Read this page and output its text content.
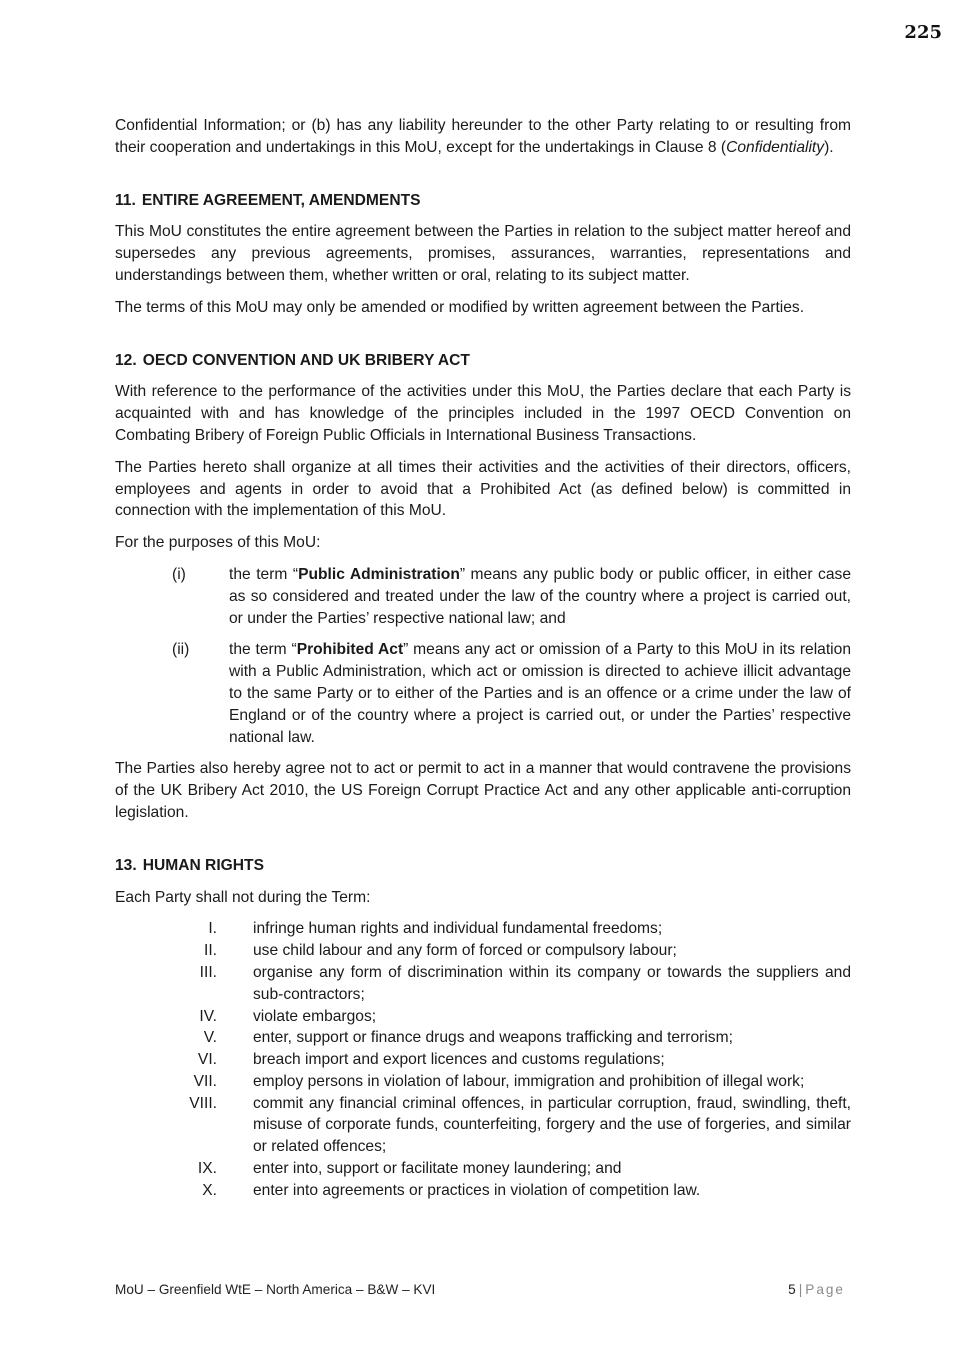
225

Confidential Information; or (b) has any liability hereunder to the other Party relating to or resulting from their cooperation and undertakings in this MoU, except for the undertakings in Clause 8 (Confidentiality).

11. ENTIRE AGREEMENT, AMENDMENTS

This MoU constitutes the entire agreement between the Parties in relation to the subject matter hereof and supersedes any previous agreements, promises, assurances, warranties, representations and understandings between them, whether written or oral, relating to its subject matter.

The terms of this MoU may only be amended or modified by written agreement between the Parties.

12. OECD CONVENTION AND UK BRIBERY ACT

With reference to the performance of the activities under this MoU, the Parties declare that each Party is acquainted with and has knowledge of the principles included in the 1997 OECD Convention on Combating Bribery of Foreign Public Officials in International Business Transactions.

The Parties hereto shall organize at all times their activities and the activities of their directors, officers, employees and agents in order to avoid that a Prohibited Act (as defined below) is committed in connection with the implementation of this MoU.

For the purposes of this MoU:

(i)	the term “Public Administration” means any public body or public officer, in either case as so considered and treated under the law of the country where a project is carried out, or under the Parties’ respective national law; and
(ii)	the term “Prohibited Act” means any act or omission of a Party to this MoU in its relation with a Public Administration, which act or omission is directed to achieve illicit advantage to the same Party or to either of the Parties and is an offence or a crime under the law of England or of the country where a project is carried out, or under the Parties’ respective national law.

The Parties also hereby agree not to act or permit to act in a manner that would contravene the provisions of the UK Bribery Act 2010, the US Foreign Corrupt Practice Act and any other applicable anti-corruption legislation.

13. HUMAN RIGHTS

Each Party shall not during the Term:

I. infringe human rights and individual fundamental freedoms;
II. use child labour and any form of forced or compulsory labour;
III. organise any form of discrimination within its company or towards the suppliers and sub-contractors;
IV. violate embargos;
V. enter, support or finance drugs and weapons trafficking and terrorism;
VI. breach import and export licences and customs regulations;
VII. employ persons in violation of labour, immigration and prohibition of illegal work;
VIII. commit any financial criminal offences, in particular corruption, fraud, swindling, theft, misuse of corporate funds, counterfeiting, forgery and the use of forgeries, and similar or related offences;
IX. enter into, support or facilitate money laundering; and
X. enter into agreements or practices in violation of competition law.
MoU – Greenfield WtE – North America – B&W – KVI	5 | Page
